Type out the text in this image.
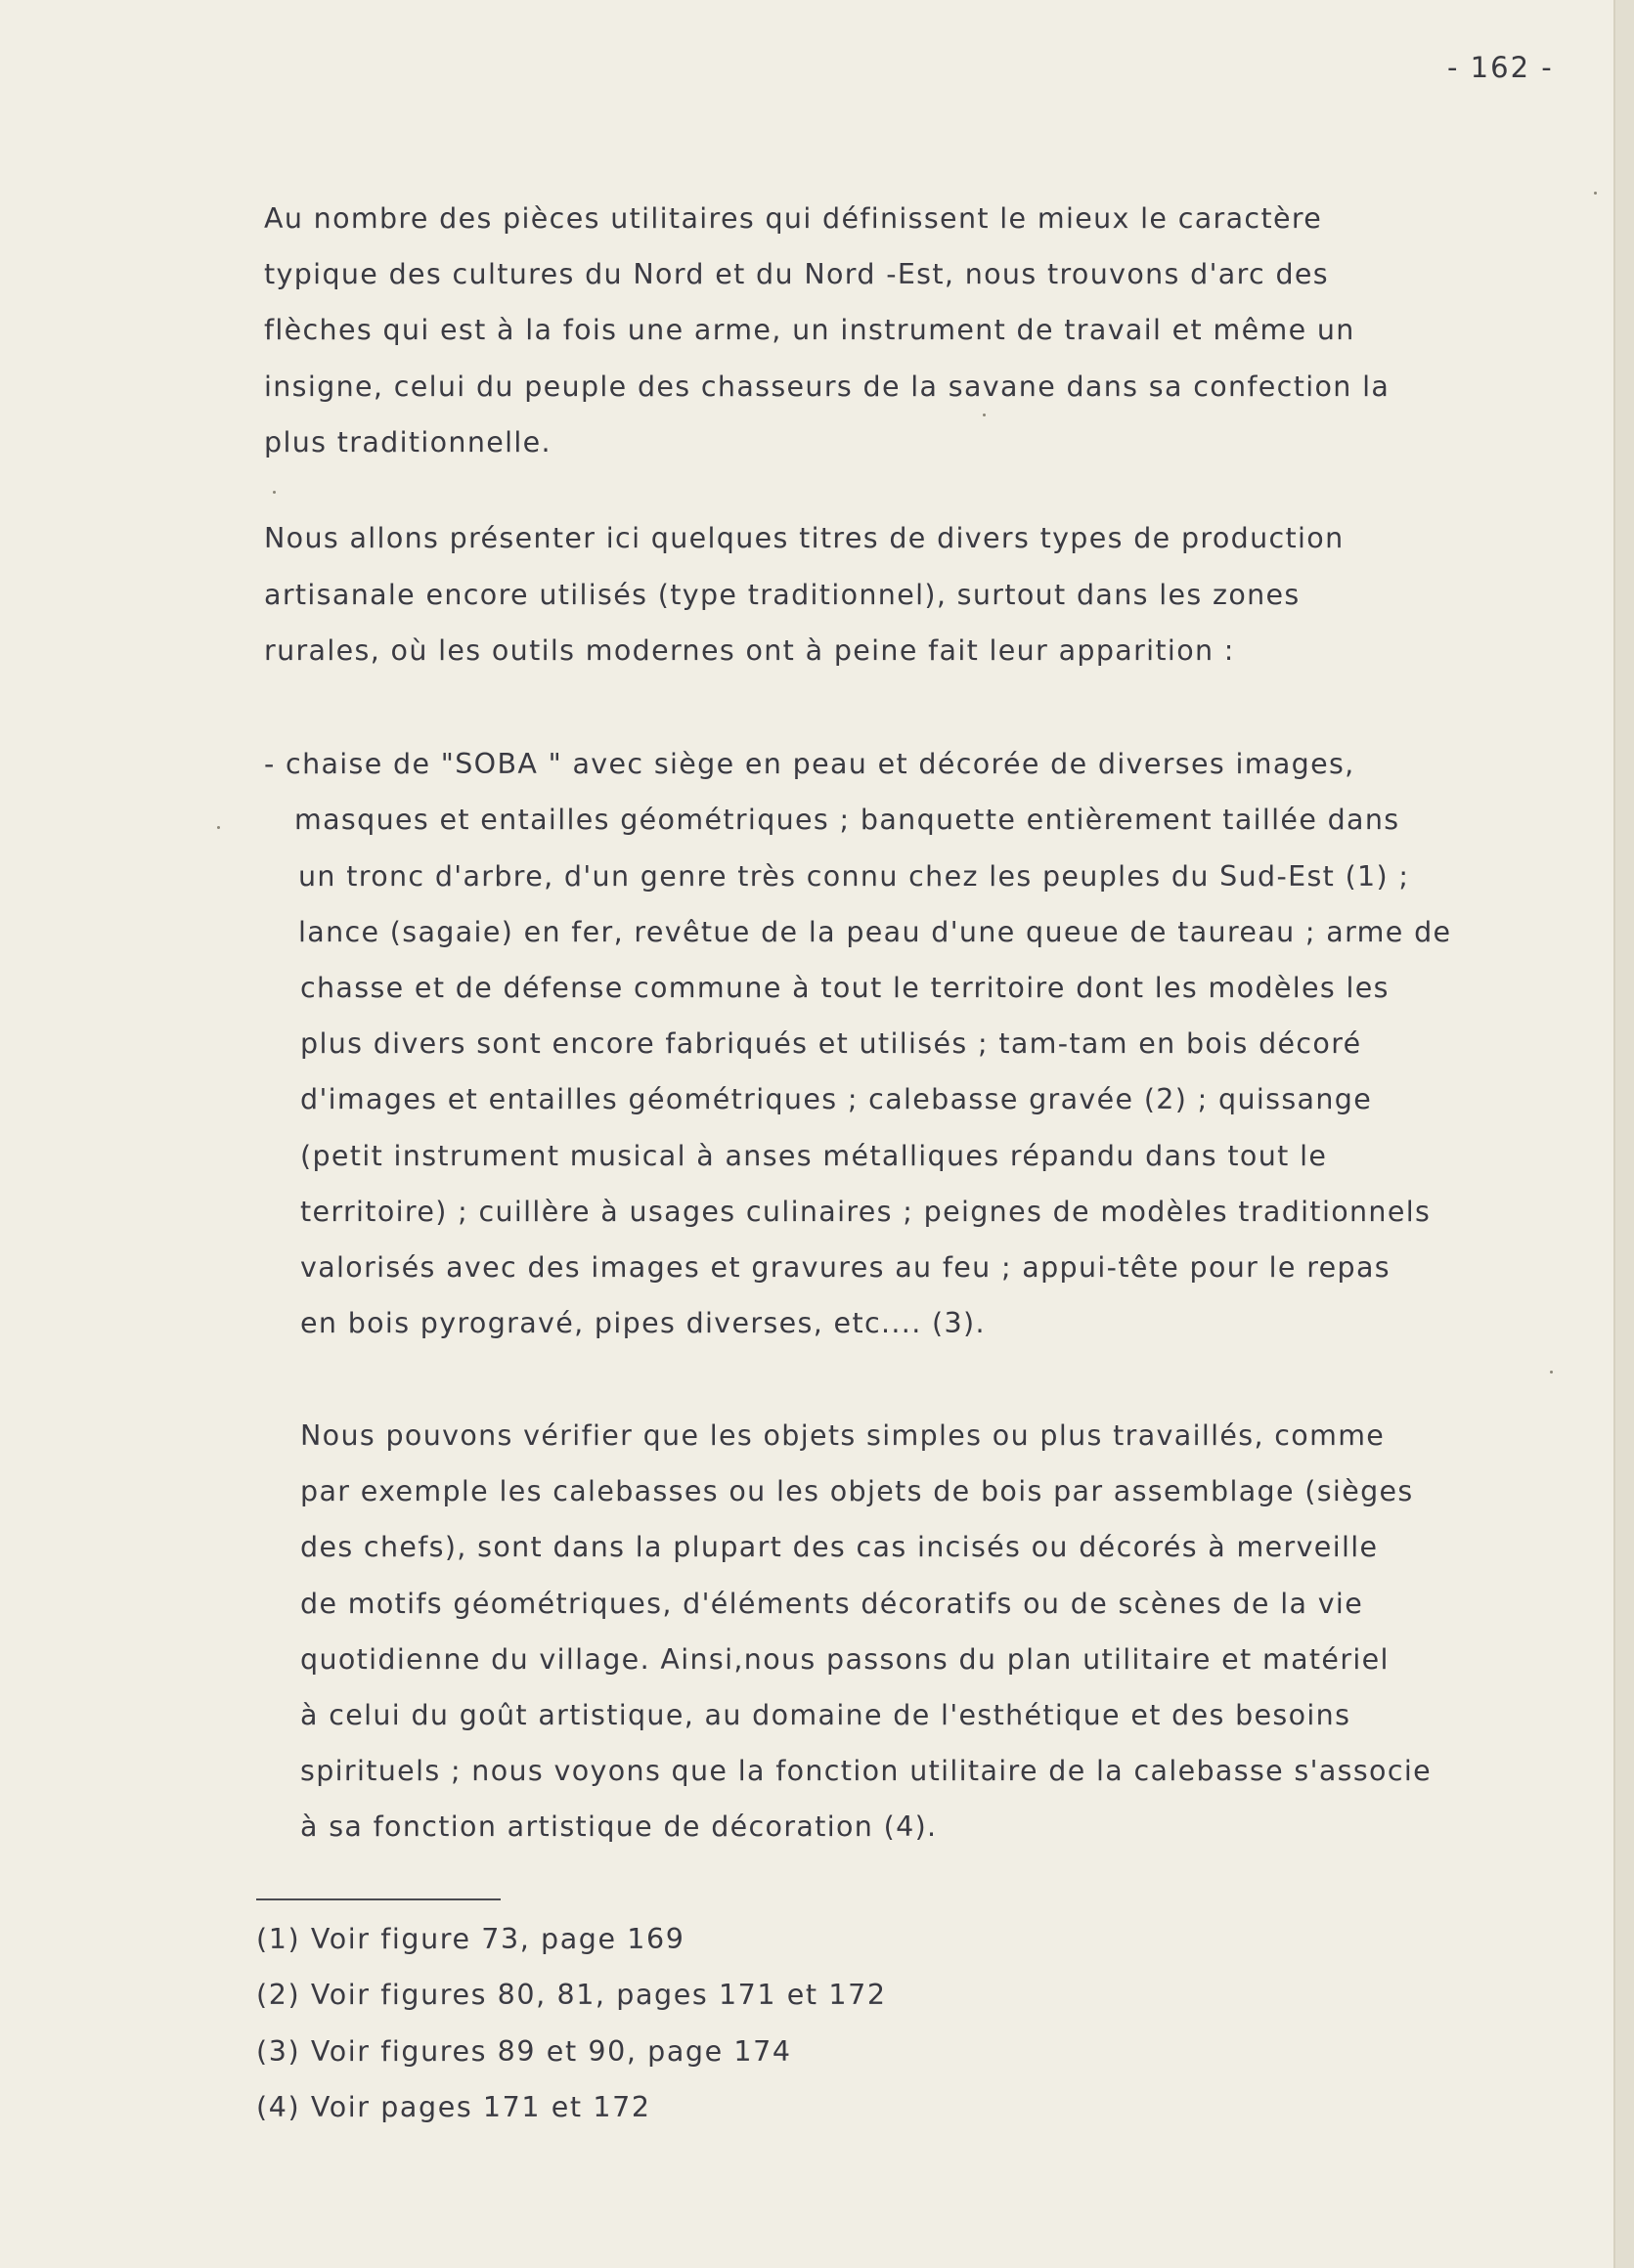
- 162 -
Au nombre des pièces utilitaires qui définissent le mieux le caractère
typique des cultures du Nord et du Nord -Est, nous trouvons d'arc des
flèches qui est à la fois une arme, un instrument de travail et même un
insigne, celui du peuple des chasseurs de la savane dans sa confection la
plus traditionnelle.
Nous allons présenter ici quelques titres de divers types de production
artisanale encore utilisés (type traditionnel), surtout dans les zones
rurales, où les outils modernes ont à peine fait leur apparition :
- chaise de "SOBA " avec siège en peau et décorée de diverses images,
masques et entailles géométriques ; banquette entièrement taillée dans
un tronc d'arbre, d'un genre très connu chez les peuples du Sud-Est (1) ;
lance (sagaie) en fer, revêtue de la peau d'une queue de taureau ; arme de
chasse et de défense commune à tout le territoire dont les modèles les
plus divers sont encore fabriqués et utilisés ; tam-tam en bois décoré
d'images et entailles géométriques ; calebasse gravée (2) ; quissange
(petit instrument musical à anses métalliques répandu dans tout le
territoire) ; cuillère à usages culinaires ; peignes de modèles traditionnels
valorisés avec des images et gravures au feu ; appui-tête pour le repas
en bois pyrogravé, pipes diverses, etc.... (3).
Nous pouvons vérifier que les objets simples ou plus travaillés, comme
par exemple les calebasses ou les objets de bois par assemblage (sièges
des chefs), sont dans la plupart des cas incisés ou décorés à merveille
de motifs géométriques, d'éléments décoratifs ou de scènes de la vie
quotidienne du village. Ainsi,nous passons du plan utilitaire et matériel
à celui du goût artistique, au domaine de l'esthétique et des besoins
spirituels ; nous voyons que la fonction utilitaire de la calebasse s'associe
à sa fonction artistique de décoration (4).
(1) Voir figure 73, page 169
(2) Voir figures 80, 81, pages 171 et 172
(3) Voir figures 89 et 90, page 174
(4) Voir pages 171 et 172
